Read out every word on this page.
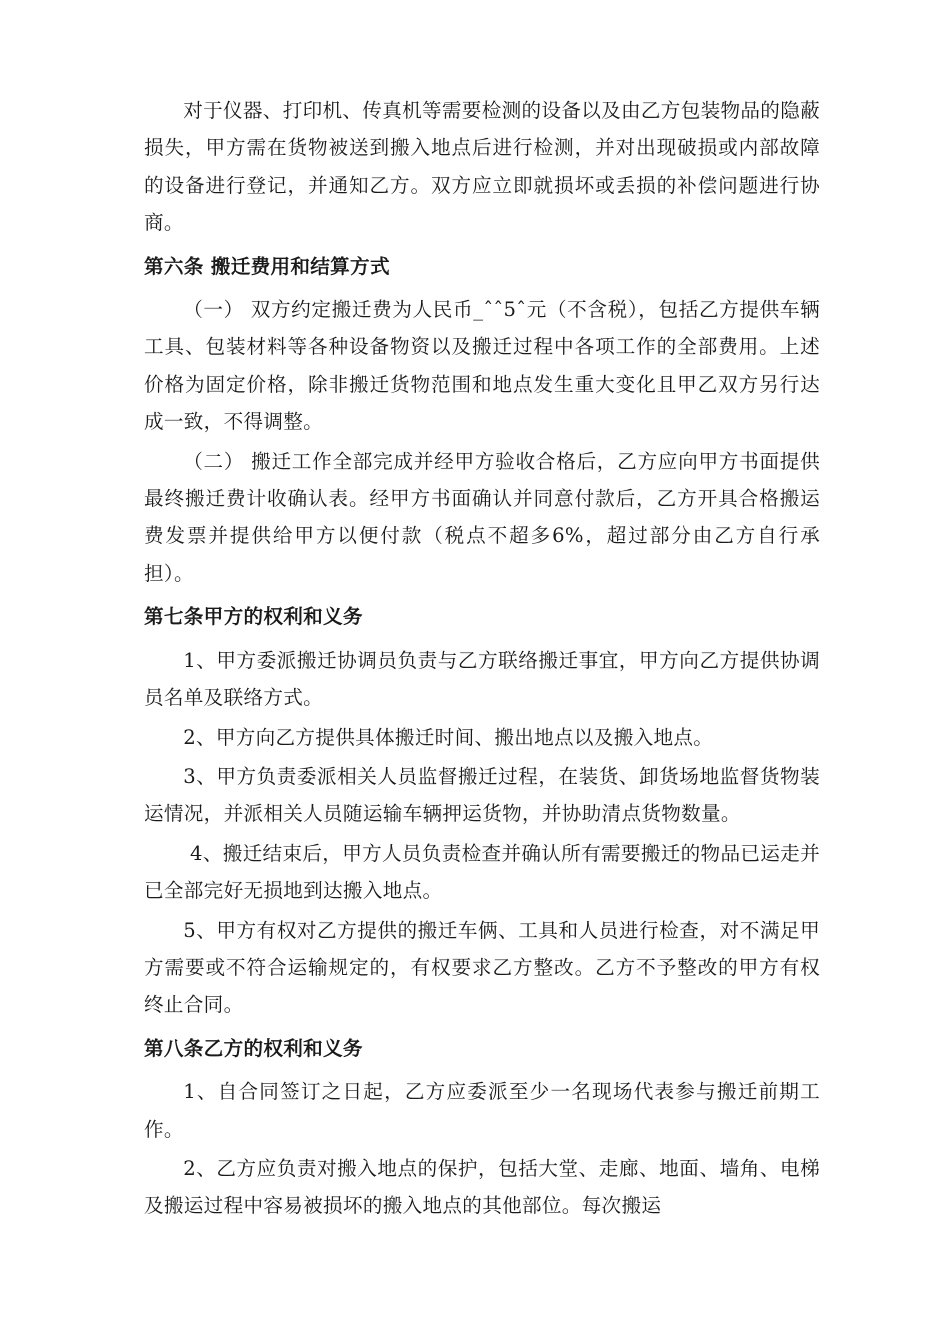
对于仪器、打印机、传真机等需要检测的设备以及由乙方包装物品的隐蔽损失，甲方需在货物被送到搬入地点后进行检测，并对出现破损或内部故障的设备进行登记，并通知乙方。双方应立即就损坏或丢损的补偿问题进行协商。

第六条 搬迁费用和结算方式

（一） 双方约定搬迁费为人民币_ˆˆ5ˆ元（不含税），包括乙方提供车辆工具、包装材料等各种设备物资以及搬迁过程中各项工作的全部费用。上述价格为固定价格，除非搬迁货物范围和地点发生重大变化且甲乙双方另行达成一致，不得调整。

（二） 搬迁工作全部完成并经甲方验收合格后，乙方应向甲方书面提供最终搬迁费计收确认表。经甲方书面确认并同意付款后，乙方开具合格搬运费发票并提供给甲方以便付款（税点不超多6%，超过部分由乙方自行承担）。

第七条甲方的权利和义务

1、甲方委派搬迁协调员负责与乙方联络搬迁事宜，甲方向乙方提供协调员名单及联络方式。

2、甲方向乙方提供具体搬迁时间、搬出地点以及搬入地点。

3、甲方负责委派相关人员监督搬迁过程，在装货、卸货场地监督货物装运情况，并派相关人员随运输车辆押运货物，并协助清点货物数量。

4、搬迁结束后，甲方人员负责检查并确认所有需要搬迁的物品已运走并已全部完好无损地到达搬入地点。

5、甲方有权对乙方提供的搬迁车俩、工具和人员进行检查，对不满足甲方需要或不符合运输规定的，有权要求乙方整改。乙方不予整改的甲方有权终止合同。

第八条乙方的权利和义务

1、自合同签订之日起，乙方应委派至少一名现场代表参与搬迁前期工作。

2、乙方应负责对搬入地点的保护，包括大堂、走廊、地面、墙角、电梯及搬运过程中容易被损坏的搬入地点的其他部位。每次搬运
